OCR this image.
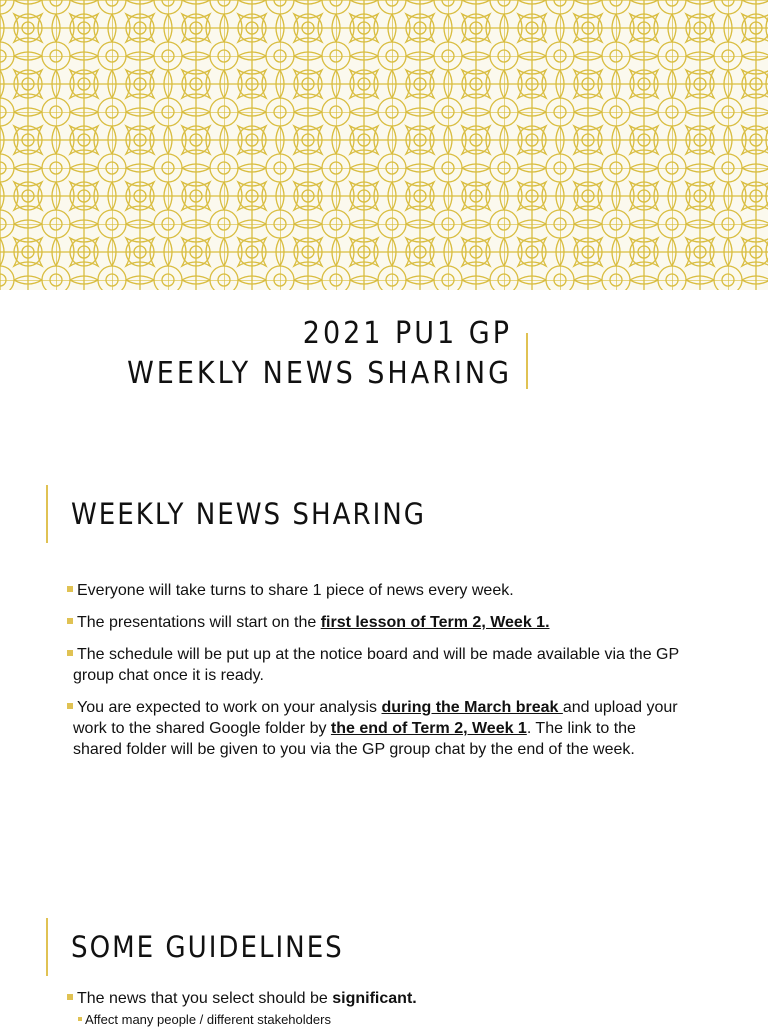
2021 PU1 GP
WEEKLY NEWS SHARING
WEEKLY NEWS SHARING
Everyone will take turns to share 1 piece of news every week.
The presentations will start on the first lesson of Term 2, Week 1.
The schedule will be put up at the notice board and will be made available via the GP group chat once it is ready.
You are expected to work on your analysis during the March break and upload your work to the shared Google folder by the end of Term 2, Week 1. The link to the shared folder will be given to you via the GP group chat by the end of the week.
SOME GUIDELINES
The news that you select should be significant.
Affect many people / different stakeholders
